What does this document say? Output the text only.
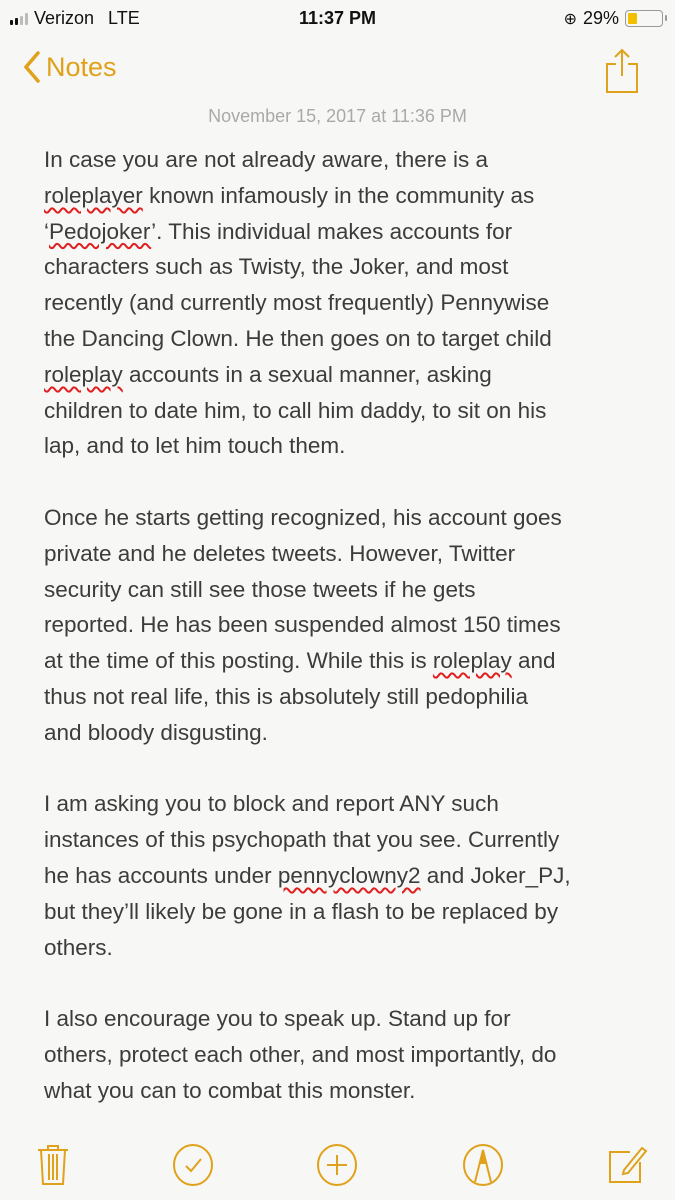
Verizon LTE	11:37 PM	⊕ 29%
Notes
November 15, 2017 at 11:36 PM
In case you are not already aware, there is a
roleplayer known infamously in the community as
‘Pedojoker’. This individual makes accounts for
characters such as Twisty, the Joker, and most
recently (and currently most frequently) Pennywise
the Dancing Clown. He then goes on to target child
roleplay accounts in a sexual manner, asking
children to date him, to call him daddy, to sit on his
lap, and to let him touch them.
Once he starts getting recognized, his account goes
private and he deletes tweets. However, Twitter
security can still see those tweets if he gets
reported. He has been suspended almost 150 times
at the time of this posting. While this is roleplay and
thus not real life, this is absolutely still pedophilia
and bloody disgusting.
I am asking you to block and report ANY such
instances of this psychopath that you see. Currently
he has accounts under pennyclowny2 and Joker_PJ,
but they’ll likely be gone in a flash to be replaced by
others.
I also encourage you to speak up. Stand up for
others, protect each other, and most importantly, do
what you can to combat this monster.
